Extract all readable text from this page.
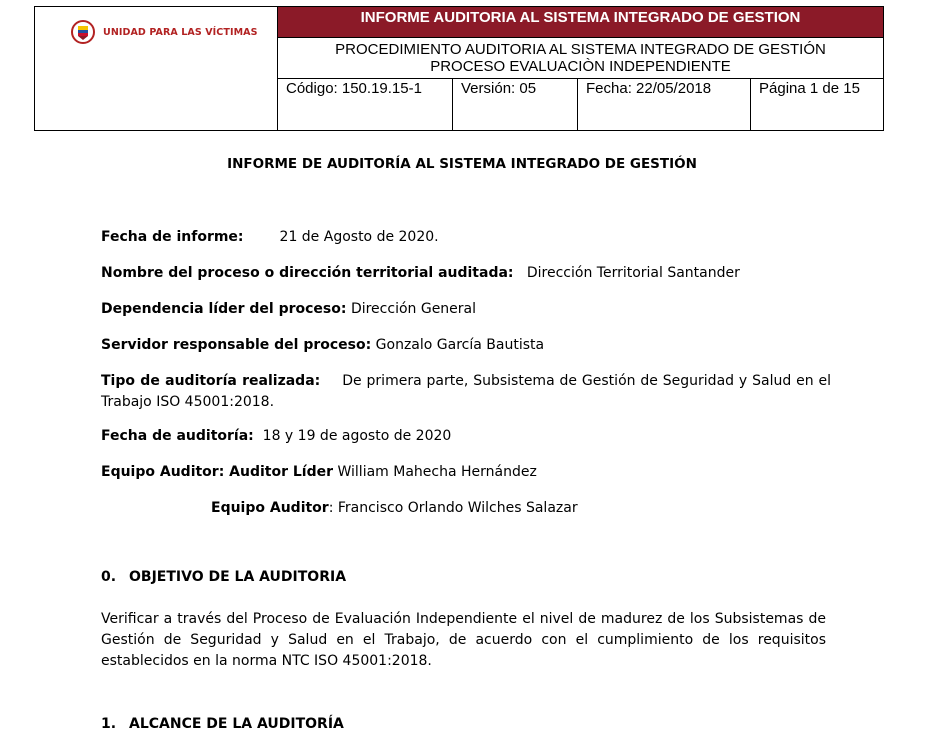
UNIDAD PARA LAS VÍCTIMAS	INFORME AUDITORIA AL SISTEMA INTEGRADO DE GESTION			

	PROCEDIMIENTO AUDITORIA AL SISTEMA INTEGRADO DE GESTIÓN
PROCESO EVALUACIÒN INDEPENDIENTE			

	Código: 150.19.15-1	Versión: 05	Fecha: 22/05/2018	Página 1 de 15
INFORME DE AUDITORÍA AL SISTEMA INTEGRADO DE GESTIÓN
Fecha de informe:	21 de Agosto de 2020.
Nombre del proceso o dirección territorial auditada: Dirección Territorial Santander
Dependencia líder del proceso: Dirección General
Servidor responsable del proceso: Gonzalo García Bautista
Tipo de auditoría realizada: De primera parte, Subsistema de Gestión de Seguridad y Salud en el Trabajo ISO 45001:2018.
Fecha de auditoría: 18 y 19 de agosto de 2020
Equipo Auditor: Auditor Líder William Mahecha Hernández
Equipo Auditor: Francisco Orlando Wilches Salazar
0. OBJETIVO DE LA AUDITORIA
Verificar a través del Proceso de Evaluación Independiente el nivel de madurez de los Subsistemas de Gestión de Seguridad y Salud en el Trabajo, de acuerdo con el cumplimiento de los requisitos establecidos en la norma NTC ISO 45001:2018.
1. ALCANCE DE LA AUDITORÍA
